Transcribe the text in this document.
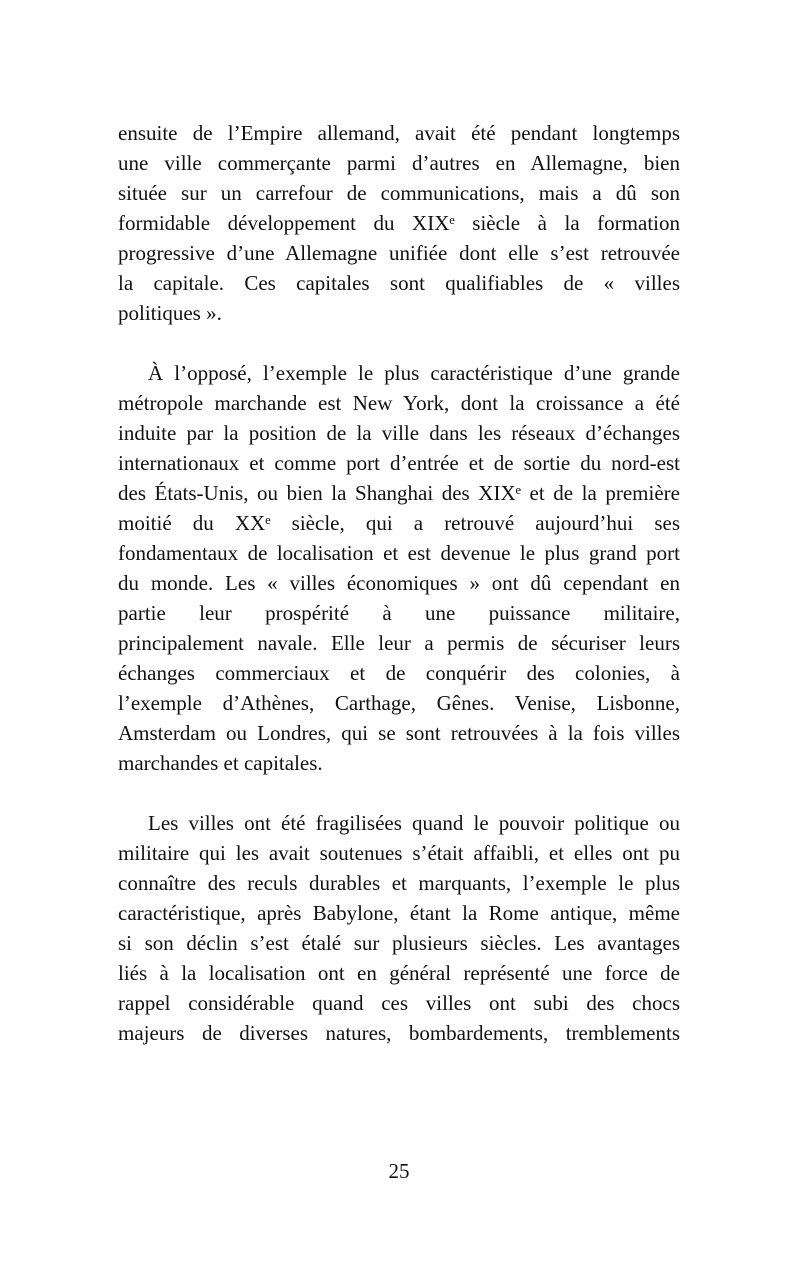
ensuite de l’Empire allemand, avait été pendant longtemps
une ville commerçante parmi d’autres en Allemagne, bien
située sur un carrefour de communications, mais a dû son
formidable développement du XIXᵉ siècle à la formation
progressive d’une Allemagne unifiée dont elle s’est retrouvée
la capitale. Ces capitales sont qualifiables de « villes
politiques ».
À l’opposé, l’exemple le plus caractéristique d’une grande
métropole marchande est New York, dont la croissance a été
induite par la position de la ville dans les réseaux d’échanges
internationaux et comme port d’entrée et de sortie du nord-est
des États-Unis, ou bien la Shanghai des XIXᵉ et de la première
moitié du XXᵉ siècle, qui a retrouvé aujourd’hui ses
fondamentaux de localisation et est devenue le plus grand port
du monde. Les « villes économiques » ont dû cependant en
partie leur prospérité à une puissance militaire,
principalement navale. Elle leur a permis de sécuriser leurs
échanges commerciaux et de conquérir des colonies, à
l’exemple d’Athènes, Carthage, Gênes. Venise, Lisbonne,
Amsterdam ou Londres, qui se sont retrouvées à la fois villes
marchandes et capitales.
Les villes ont été fragilisées quand le pouvoir politique ou
militaire qui les avait soutenues s’était affaibli, et elles ont pu
connaître des reculs durables et marquants, l’exemple le plus
caractéristique, après Babylone, étant la Rome antique, même
si son déclin s’est étalé sur plusieurs siècles. Les avantages
liés à la localisation ont en général représenté une force de
rappel considérable quand ces villes ont subi des chocs
majeurs de diverses natures, bombardements, tremblements
25
